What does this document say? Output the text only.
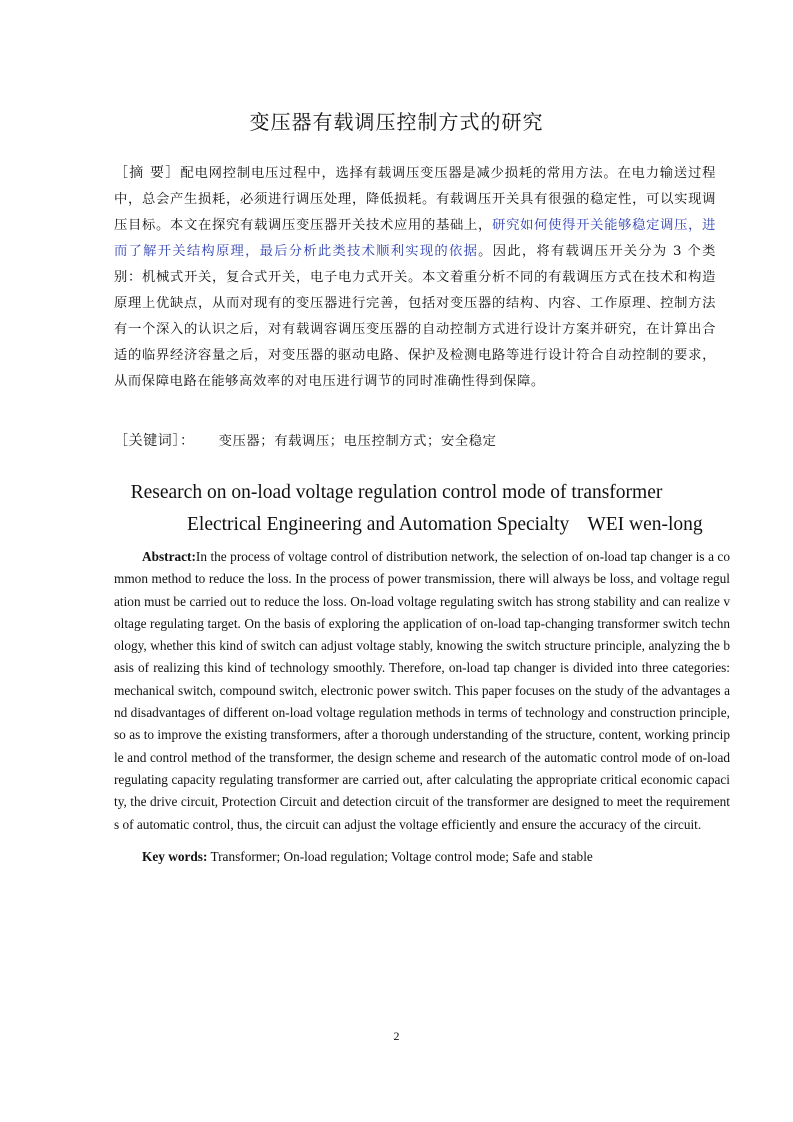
变压器有载调压控制方式的研究
［摘 要］配电网控制电压过程中，选择有载调压变压器是减少损耗的常用方法。在电力输送过程中，总会产生损耗，必须进行调压处理，降低损耗。有载调压开关具有很强的稳定性，可以实现调压目标。本文在探究有载调压变压器开关技术应用的基础上，研究如何使得开关能够稳定调压，进而了解开关结构原理，最后分析此类技术顺利实现的依据。因此，将有载调压开关分为 3 个类别：机械式开关，复合式开关，电子电力式开关。本文着重分析不同的有载调压方式在技术和构造原理上优缺点，从而对现有的变压器进行完善，包括对变压器的结构、内容、工作原理、控制方法有一个深入的认识之后，对有载调容调压变压器的自动控制方式进行设计方案并研究，在计算出合适的临界经济容量之后，对变压器的驱动电路、保护及检测电路等进行设计符合自动控制的要求，从而保障电路在能够高效率的对电压进行调节的同时准确性得到保障。
［关键词］： 变压器；有载调压；电压控制方式；安全稳定
Research on on-load voltage regulation control mode of transformer
Electrical Engineering and Automation Specialty WEI wen-long
Abstract:In the process of voltage control of distribution network, the selection of on-load tap changer is a common method to reduce the loss. In the process of power transmission, there will always be loss, and voltage regulation must be carried out to reduce the loss. On-load voltage regulating switch has strong stability and can realize voltage regulating target. On the basis of exploring the application of on-load tap-changing transformer switch technology, whether this kind of switch can adjust voltage stably, knowing the switch structure principle, analyzing the basis of realizing this kind of technology smoothly. Therefore, on-load tap changer is divided into three categories: mechanical switch, compound switch, electronic power switch. This paper focuses on the study of the advantages and disadvantages of different on-load voltage regulation methods in terms of technology and construction principle, so as to improve the existing transformers, after a thorough understanding of the structure, content, working principle and control method of the transformer, the design scheme and research of the automatic control mode of on-load regulating capacity regulating transformer are carried out, after calculating the appropriate critical economic capacity, the drive circuit, Protection Circuit and detection circuit of the transformer are designed to meet the requirements of automatic control, thus, the circuit can adjust the voltage efficiently and ensure the accuracy of the circuit.
Key words: Transformer; On-load regulation; Voltage control mode; Safe and stable
2
